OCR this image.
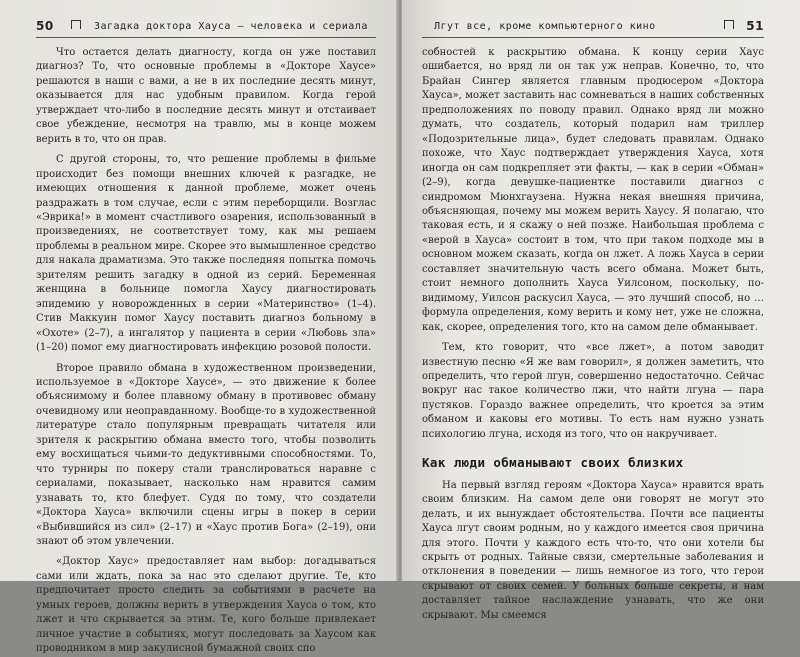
50	Загадка доктора Хауса — человека и сериала

Что остается делать диагносту, когда он уже поставил диагноз? То, что основные проблемы в «Докторе Хаусе» решаются в наши с вами, а не в их последние десять минут, оказывается для нас удобным правилом. Когда герой утверждает что-либо в последние десять минут и отстаивает свое убеждение, несмотря на травлю, мы в конце можем верить в то, что он прав.

С другой стороны, то, что решение проблемы в фильме происходит без помощи внешних ключей к разгадке, не имеющих отношения к данной проблеме, может очень раздражать в том случае, если с этим переборщили. Возглас «Эврика!» в момент счастливого озарения, использованный в произведениях, не соответствует тому, как мы решаем проблемы в реальном мире. Скорее это вымышленное средство для накала драматизма. Это также последняя попытка помочь зрителям решить загадку в одной из серий. Беременная женщина в больнице помогла Хаусу диагностировать эпидемию у новорожденных в серии «Материнство» (1–4). Стив Маккуин помог Хаусу поставить диагноз больному в «Охоте» (2–7), а ингалятор у пациента в серии «Любовь зла» (1–20) помог ему диагностировать инфекцию розовой полости.

Второе правило обмана в художественном произведении, используемое в «Докторе Хаусе», — это движение к более объяснимому и более плавному обману в противовес обману очевидному или неоправданному. Вообще-то в художественной литературе стало популярным превращать читателя или зрителя к раскрытию обмана вместо того, чтобы позволить ему восхищаться чьими-то дедуктивными способностями. То, что турниры по покеру стали транслироваться наравне с сериалами, показывает, насколько нам нравится самим узнавать то, кто блефует. Судя по тому, что создатели «Доктора Хауса» включили сцены игры в покер в серии «Выбившийся из сил» (2–17) и «Хаус против Бога» (2–19), они знают об этом увлечении.

«Доктор Хаус» предоставляет нам выбор: догадываться сами или ждать, пока за нас это сделают другие. Те, кто предпочитает просто следить за событиями в расчете на умных героев, должны верить в утверждения Хауса о том, кто лжет и что скрывается за этим. Те, кого больше привлекает личное участие в событиях, могут последовать за Хаусом как проводником в мир закулисной бумажной своих спо

Лгут все, кроме компьютерного кино	51

собностей к раскрытию обмана. К концу серии Хаус ошибается, но вряд ли он так уж неправ. Конечно, то, что Брайан Сингер является главным продюсером «Доктора Хауса», может заставить нас сомневаться в наших собственных предположениях по поводу правил. Однако вряд ли можно думать, что создатель, который подарил нам триллер «Подозрительные лица», будет следовать правилам. Однако похоже, что Хаус подтверждает утверждения Хауса, хотя иногда он сам подкрепляет эти факты, — как в серии «Обман» (2–9), когда девушке-пациентке поставили диагноз с синдромом Мюнхгаузена. Нужна некая внешняя причина, объясняющая, почему мы можем верить Хаусу. Я полагаю, что таковая есть, и я скажу о ней позже. Наибольшая проблема с «верой в Хауса» состоит в том, что при таком подходе мы в основном можем сказать, когда он лжет. А ложь Хауса в серии составляет значительную часть всего обмана. Может быть, стоит немного дополнить Хауса Уилсоном, поскольку, по-видимому, Уилсон раскусил Хауса, — это лучший способ, но … формула определения, кому верить и кому нет, уже не сложна, как, скорее, определения того, кто на самом деле обманывает.

Тем, кто говорит, что «все лжет», а потом заводит известную песню «Я же вам говорил», я должен заметить, что определить, что герой лгун, совершенно недостаточно. Сейчас вокруг нас такое количество лжи, что найти лгуна — пара пустяков. Гораздо важнее определить, что кроется за этим обманом и каковы его мотивы. То есть нам нужно узнать психологию лгуна, исходя из того, что он накручивает.

Как люди обманывают своих близких

На первый взгляд героям «Доктора Хауса» нравится врать своим близким. На самом деле они говорят не могут это делать, и их вынуждает обстоятельства. Почти все пациенты Хауса лгут своим родным, но у каждого имеется своя причина для этого. Почти у каждого есть что-то, что они хотели бы скрыть от родных. Тайные связи, смертельные заболевания и отклонения в поведении — лишь немногое из того, что герои скрывают от своих семей. У больных больше секреты, и нам доставляет тайное наслаждение узнавать, что же они скрывают. Мы смеемся
